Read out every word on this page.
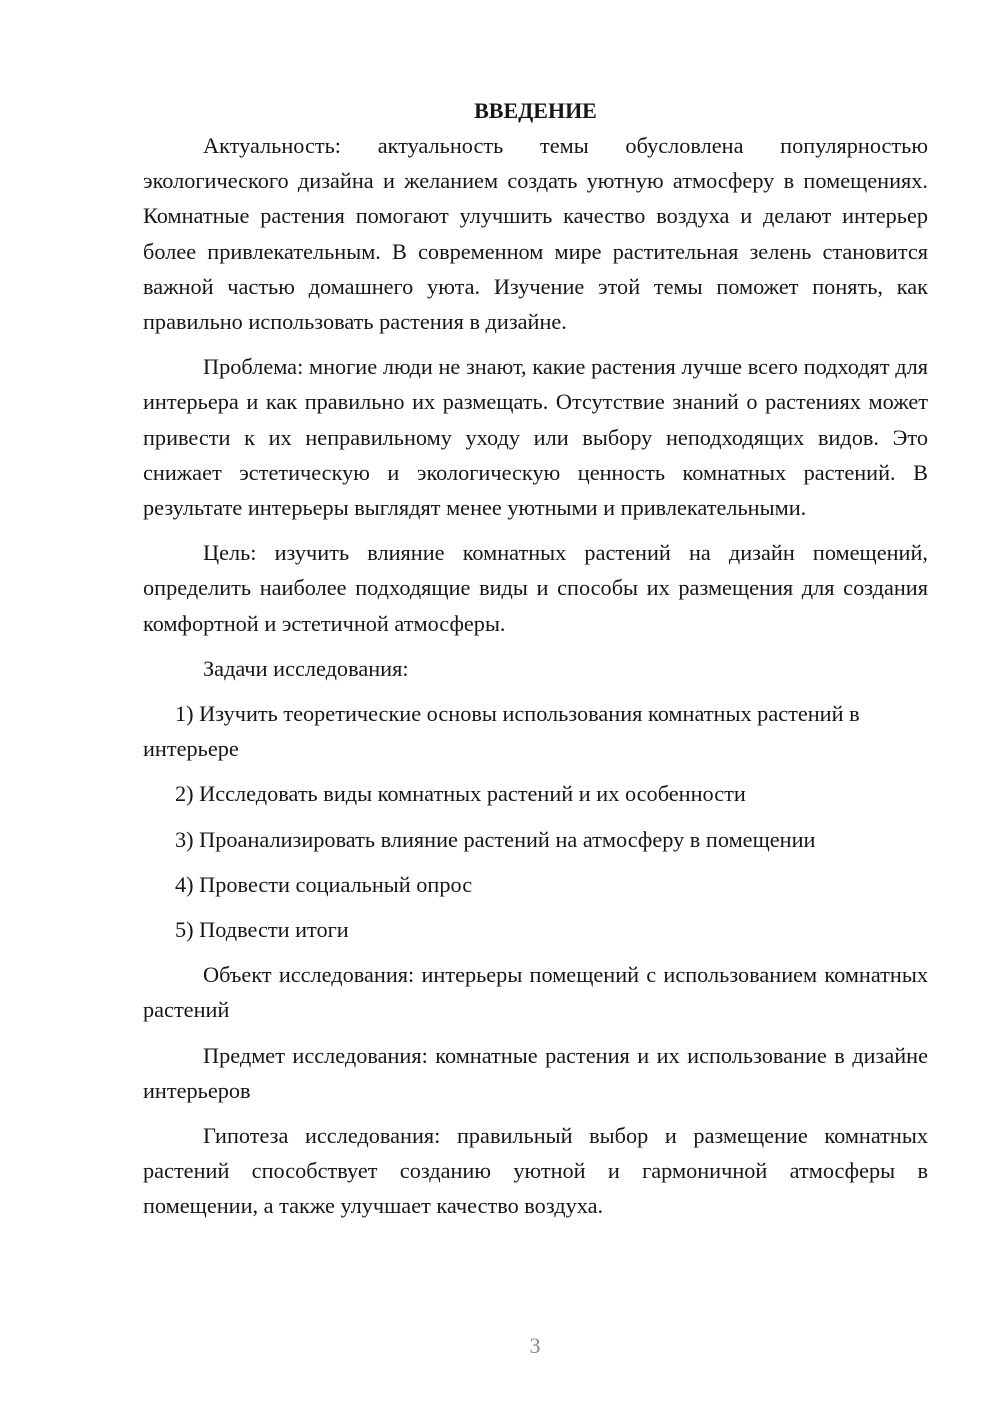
ВВЕДЕНИЕ

Актуальность: актуальность темы обусловлена популярностью экологического дизайна и желанием создать уютную атмосферу в помещениях. Комнатные растения помогают улучшить качество воздуха и делают интерьер более привлекательным. В современном мире растительная зелень становится важной частью домашнего уюта. Изучение этой темы поможет понять, как правильно использовать растения в дизайне.

Проблема: многие люди не знают, какие растения лучше всего подходят для интерьера и как правильно их размещать. Отсутствие знаний о растениях может привести к их неправильному уходу или выбору неподходящих видов. Это снижает эстетическую и экологическую ценность комнатных растений. В результате интерьеры выглядят менее уютными и привлекательными.

Цель: изучить влияние комнатных растений на дизайн помещений, определить наиболее подходящие виды и способы их размещения для создания комфортной и эстетичной атмосферы.

Задачи исследования:

1) Изучить теоретические основы использования комнатных растений в интерьере
2) Исследовать виды комнатных растений и их особенности
3) Проанализировать влияние растений на атмосферу в помещении
4) Провести социальный опрос
5) Подвести итоги

Объект исследования: интерьеры помещений с использованием комнатных растений

Предмет исследования: комнатные растения и их использование в дизайне интерьеров

Гипотеза исследования: правильный выбор и размещение комнатных растений способствует созданию уютной и гармоничной атмосферы в помещении, а также улучшает качество воздуха.

3
